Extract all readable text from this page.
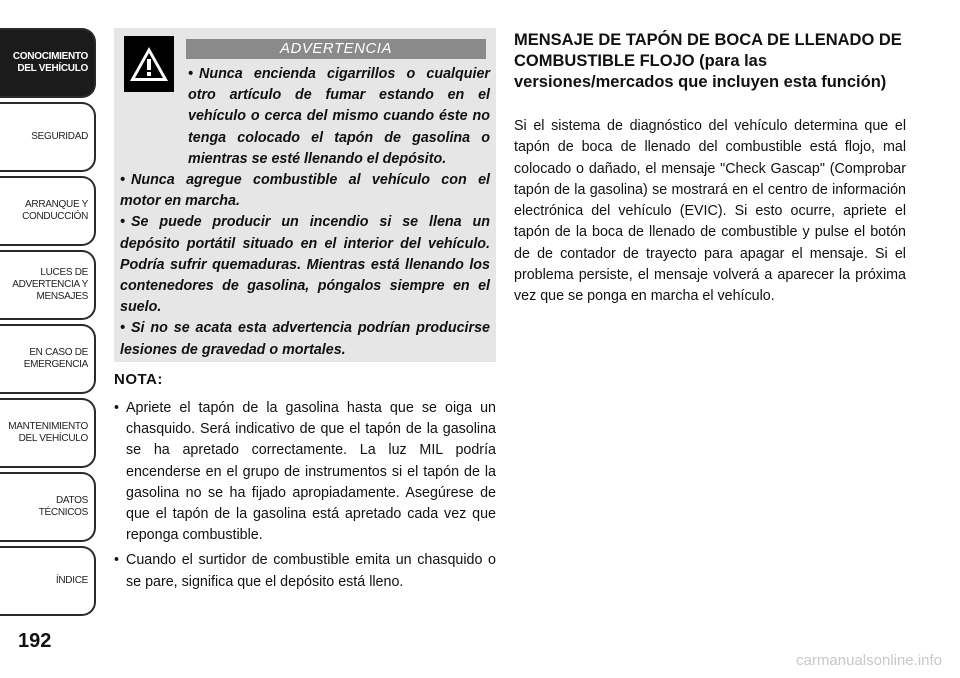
CONOCIMIENTO
DEL VEHÍCULO
SEGURIDAD
ARRANQUE Y
CONDUCCIÓN
LUCES DE
ADVERTENCIA Y
MENSAJES
EN CASO DE
EMERGENCIA
MANTENIMIENTO
DEL VEHÍCULO
DATOS
TÉCNICOS
ÍNDICE
192
ADVERTENCIA

• Nunca encienda cigarrillos o cualquier otro artículo de fumar estando en el vehículo o cerca del mismo cuando éste no tenga colocado el tapón de gasolina o mientras se esté llenando el depósito.

• Nunca agregue combustible al vehículo con el motor en marcha.

• Se puede producir un incendio si se llena un depósito portátil situado en el interior del vehículo. Podría sufrir quemaduras. Mientras está llenando los contenedores de gasolina, póngalos siempre en el suelo.

• Si no se acata esta advertencia podrían producirse lesiones de gravedad o mortales.

NOTA:
• Apriete el tapón de la gasolina hasta que se oiga un chasquido. Será indicativo de que el tapón de la gasolina se ha apretado correctamente. La luz MIL podría encenderse en el grupo de instrumentos si el tapón de la gasolina no se ha fijado apropiadamente. Asegúrese de que el tapón de la gasolina está apretado cada vez que reponga combustible.
• Cuando el surtidor de combustible emita un chasquido o se pare, significa que el depósito está lleno.
MENSAJE DE TAPÓN DE BOCA DE LLENADO DE COMBUSTIBLE FLOJO (para las versiones/mercados que incluyen esta función)

Si el sistema de diagnóstico del vehículo determina que el tapón de boca de llenado del combustible está flojo, mal colocado o dañado, el mensaje "Check Gascap" (Comprobar tapón de la gasolina) se mostrará en el centro de información electrónica del vehículo (EVIC). Si esto ocurre, apriete el tapón de la boca de llenado de combustible y pulse el botón de de contador de trayecto para apagar el mensaje. Si el problema persiste, el mensaje volverá a aparecer la próxima vez que se ponga en marcha el vehículo.

carmanualsonline.info
